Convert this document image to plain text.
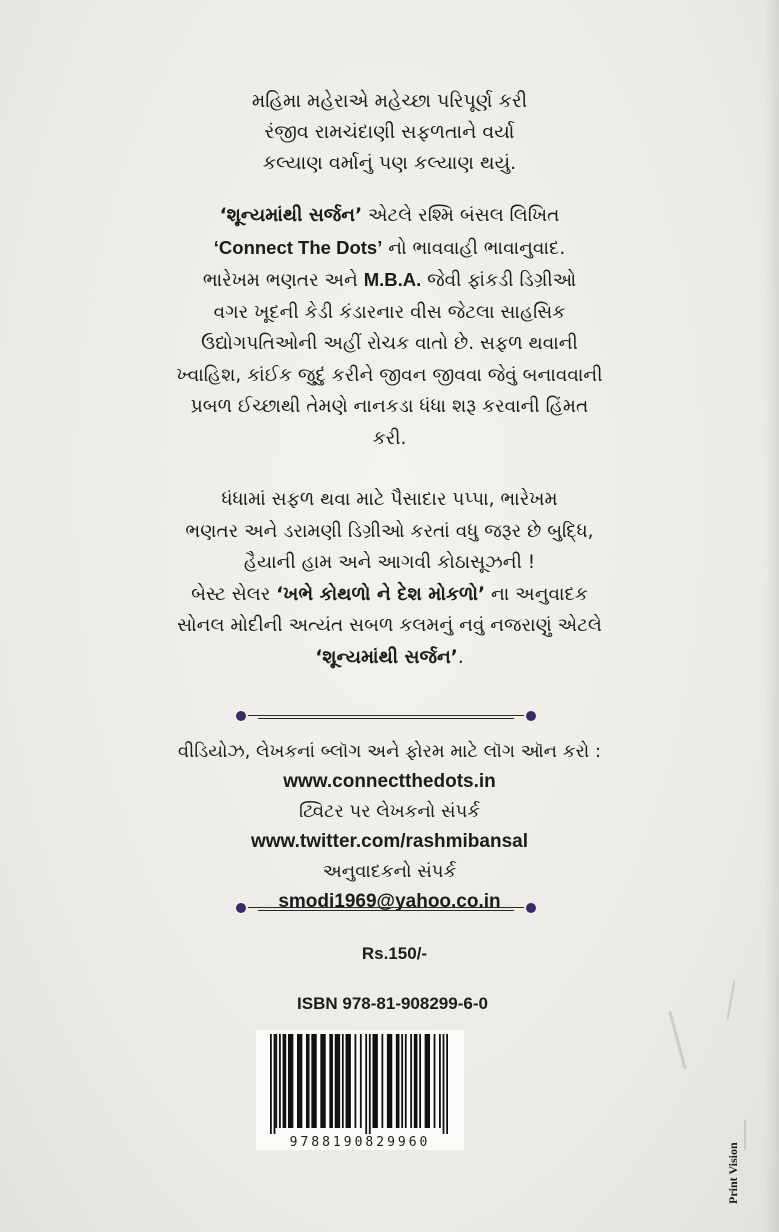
મહિમા મહેરાએ મહેચ્છા પરિપૂર્ણ કરી
રંજીવ રામચંદાણી સફળતાને વર્યા
કલ્યાણ વર્માનું પણ કલ્યાણ થયું.
‘શૂન્યમાંથી સર્જન’ એટલે રશ્મિ બંસલ લિખિત
‘Connect The Dots’ નો ભાવવાહી ભાવાનુવાદ.
ભારેખમ ભણતર અને M.B.A. જેવી ફાંકડી ડિગ્રીઓ
વગર ખૂદની કેડી કંડારનાર વીસ જેટલા સાહસિક
ઉદ્યોગપતિઓની અહીં રોચક વાતો છે. સફળ થવાની
ખ્વાહિશ, કાંઈક જુદું કરીને જીવન જીવવા જેવું બનાવવાની
પ્રબળ ઈચ્છાથી તેમણે નાનકડા ધંધા શરૂ કરવાની હિંમત
કરી.
ધંધામાં સફળ થવા માટે પૈસાદાર પપ્પા, ભારેખમ
ભણતર અને ડરામણી ડિગ્રીઓ કરતાં વધુ જરૂર છે બુદ્ધિ,
હૈયાની હામ અને આગવી કોઠાસૂઝની !
બેસ્ટ સેલર ‘ખભે કોથળો ને દેશ મોકળો’ ના અનુવાદક
સોનલ મોદીની અત્યંત સબળ કલમનું નવું નજરાણું એટલે
‘શૂન્યમાંથી સર્જન’.
વીડિયોઝ, લેખકનાં બ્લૉગ અને ફોરમ માટે લૉગ ઑન કરો :
www.connectthedots.in
ટ્વિટર પર લેખકનો સંપર્ક
www.twitter.com/rashmibansal
અનુવાદકનો સંપર્ક
smodi1969@yahoo.co.in
Rs.150/-
ISBN 978-81-908299-6-0
9788190829960	Print Vision
